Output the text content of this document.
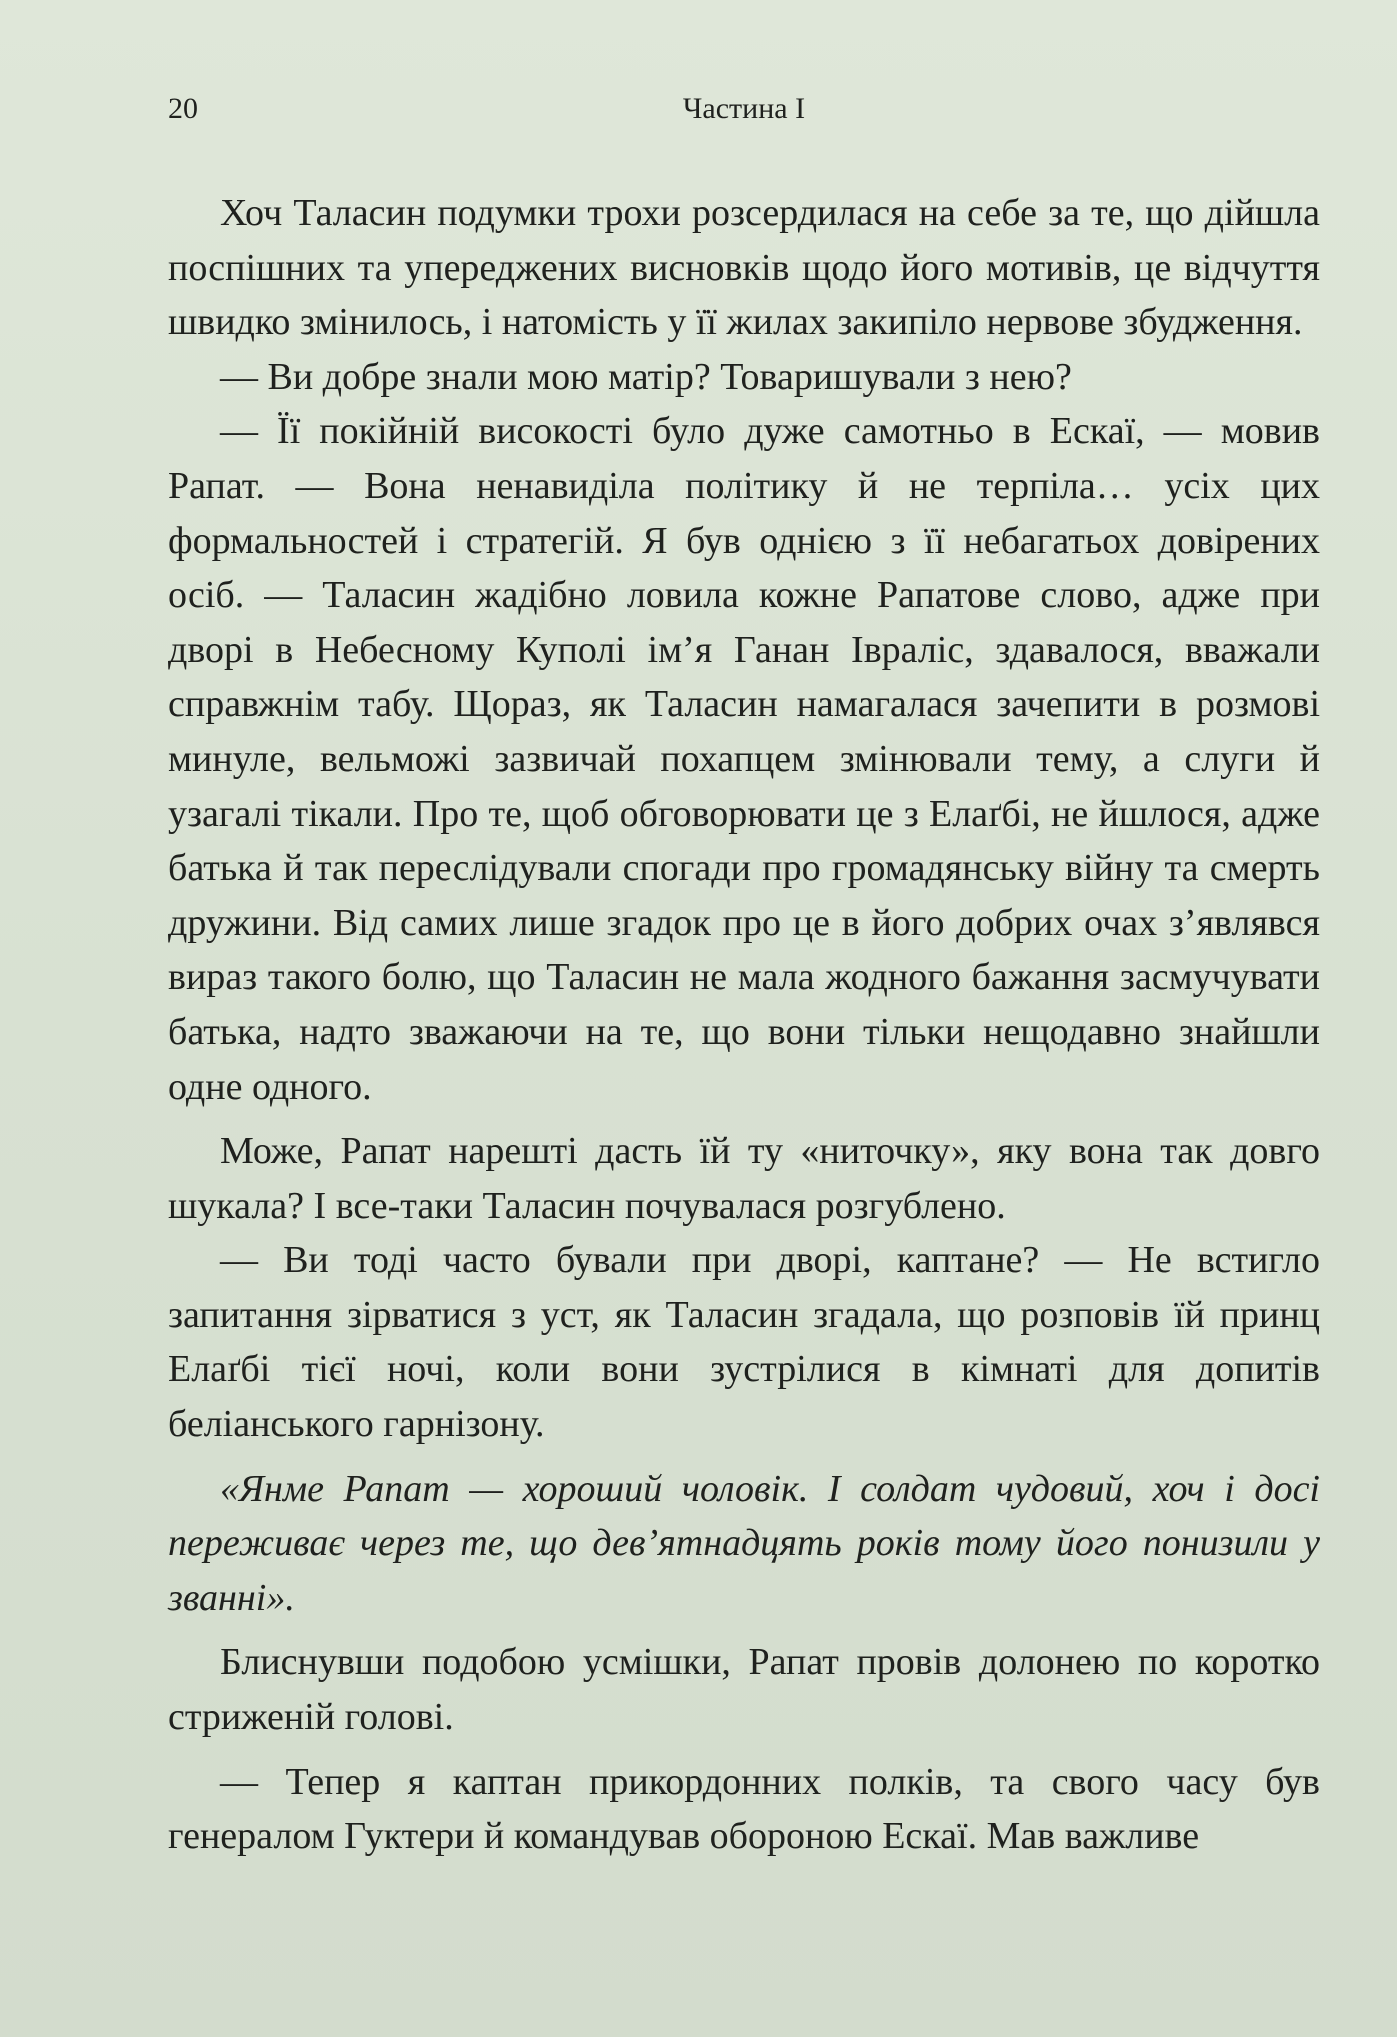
20	Частина І

Хоч Таласин подумки трохи розсердилася на себе за те, що дійшла поспішних та упереджених висновків щодо його мотивів, це відчуття швидко змінилось, і натомість у її жилах закипіло нервове збудження.

— Ви добре знали мою матір? Товаришували з нею?

— Її покійній високості було дуже самотньо в Ескаї, — мовив Рапат. — Вона ненавиділа політику й не терпіла… усіх цих формальностей і стратегій. Я був однією з її небагатьох довірених осіб. — Таласин жадібно ловила кожне Рапатове слово, адже при дворі в Небесному Куполі ім’я Ганан Івраліс, здавалося, вважали справжнім табу. Щораз, як Таласин намагалася зачепити в розмові минуле, вельможі зазвичай похапцем змінювали тему, а слуги й узагалі тікали. Про те, щоб обговорювати це з Елаґбі, не йшлося, адже батька й так переслідували спогади про громадянську війну та смерть дружини. Від самих лише згадок про це в його добрих очах з’являвся вираз такого болю, що Таласин не мала жодного бажання засмучувати батька, надто зважаючи на те, що вони тільки нещодавно знайшли одне одного.

Може, Рапат нарешті дасть їй ту «ниточку», яку вона так довго шукала? І все-таки Таласин почувалася розгублено.

— Ви тоді часто бували при дворі, каптане? — Не встигло запитання зірватися з уст, як Таласин згадала, що розповів їй принц Елаґбі тієї ночі, коли вони зустрілися в кімнаті для допитів беліанського гарнізону.

«Янме Рапат — хороший чоловік. І солдат чудовий, хоч і досі переживає через те, що дев’ятнадцять років тому його понизили у званні».

Блиснувши подобою усмішки, Рапат провів долонею по коротко стриженій голові.

— Тепер я каптан прикордонних полків, та свого часу був генералом Гуктери й командував обороною Ескаї. Мав важливе
